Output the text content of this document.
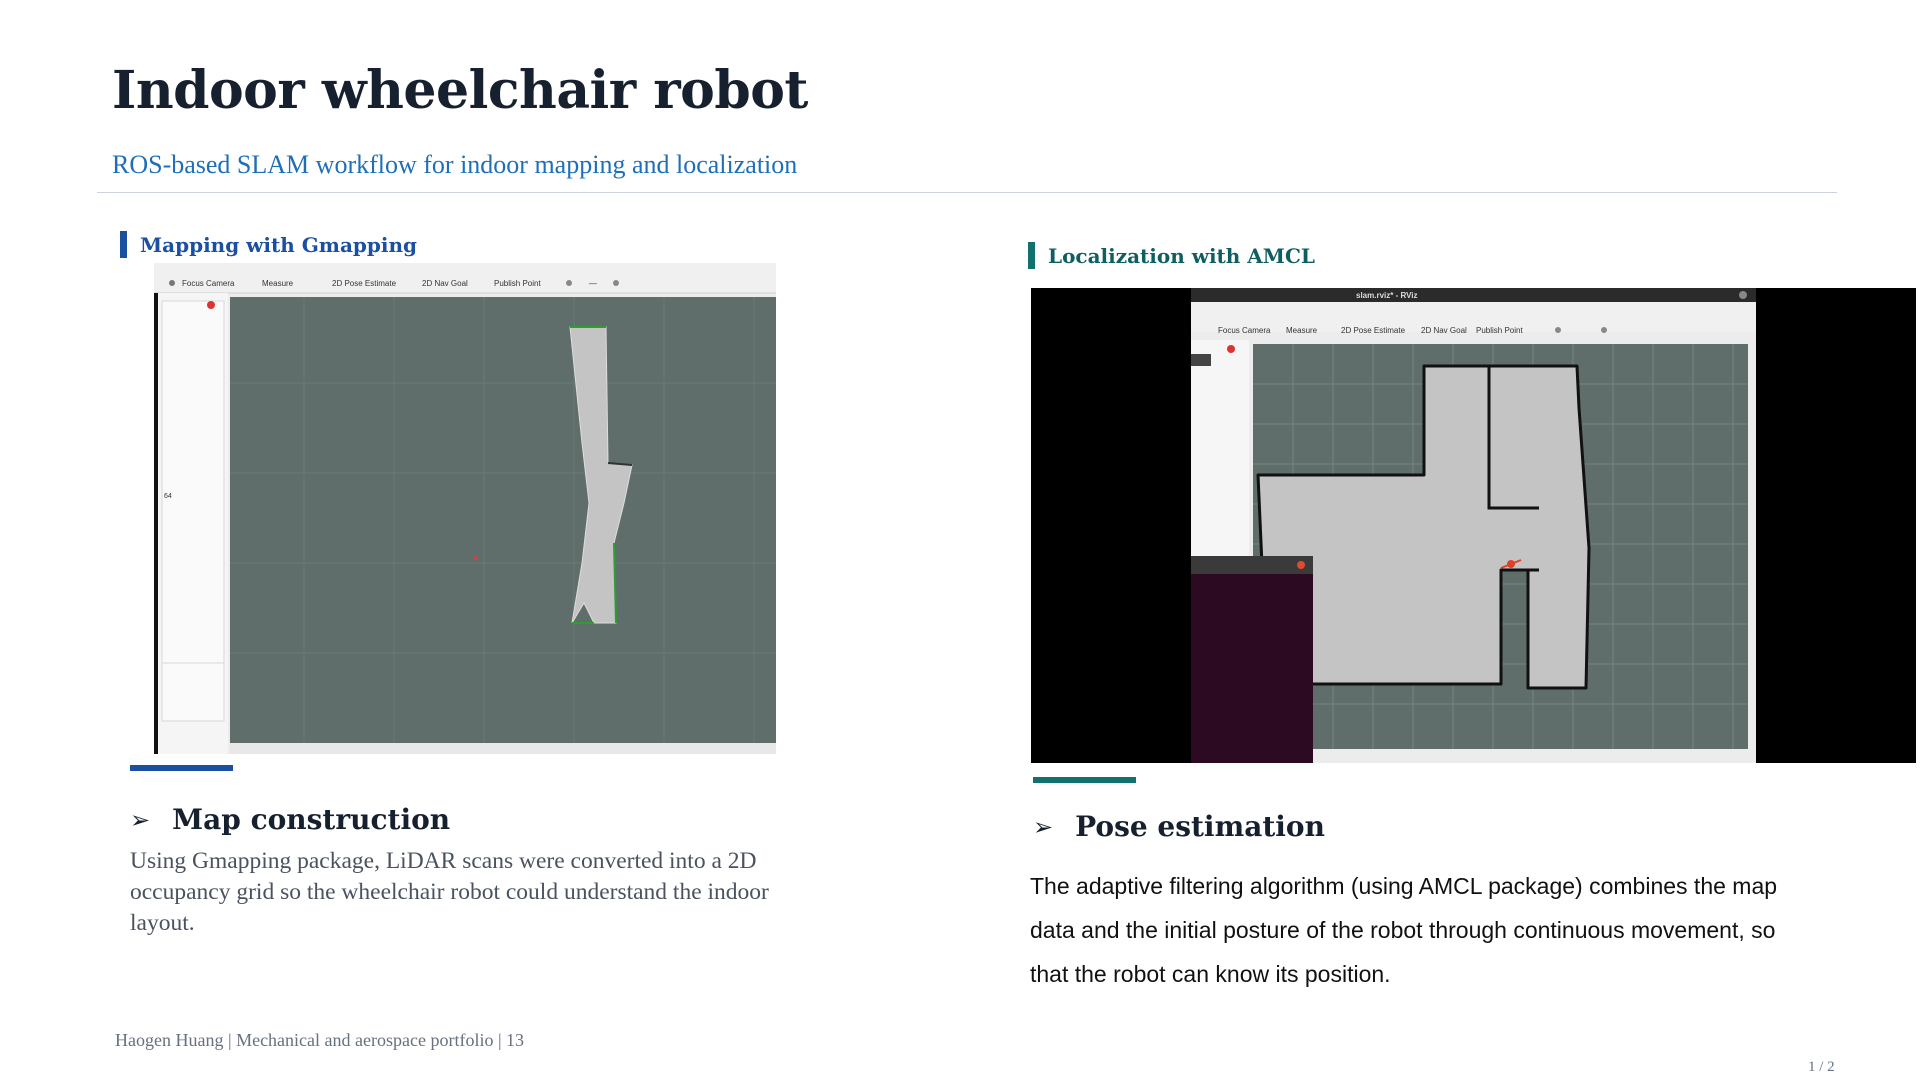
Indoor wheelchair robot
ROS-based SLAM workflow for indoor mapping and localization
Mapping with Gmapping
Focus Camera	Measure	2D Pose Estimate	2D Nav Goal	Publish Point	—
64
➢ Map construction
Using Gmapping package, LiDAR scans were converted into a 2D occupancy grid so the wheelchair robot could understand the indoor layout.
Localization with AMCL
slam.rviz* - RViz
Focus Camera Measure	2D Pose Estimate 2D Nav Goal Publish Point
➢ Pose estimation
The adaptive filtering algorithm (using AMCL package) combines the map data and the initial posture of the robot through continuous movement, so that the robot can know its position.
Haogen Huang | Mechanical and aerospace portfolio | 13
1 / 2
